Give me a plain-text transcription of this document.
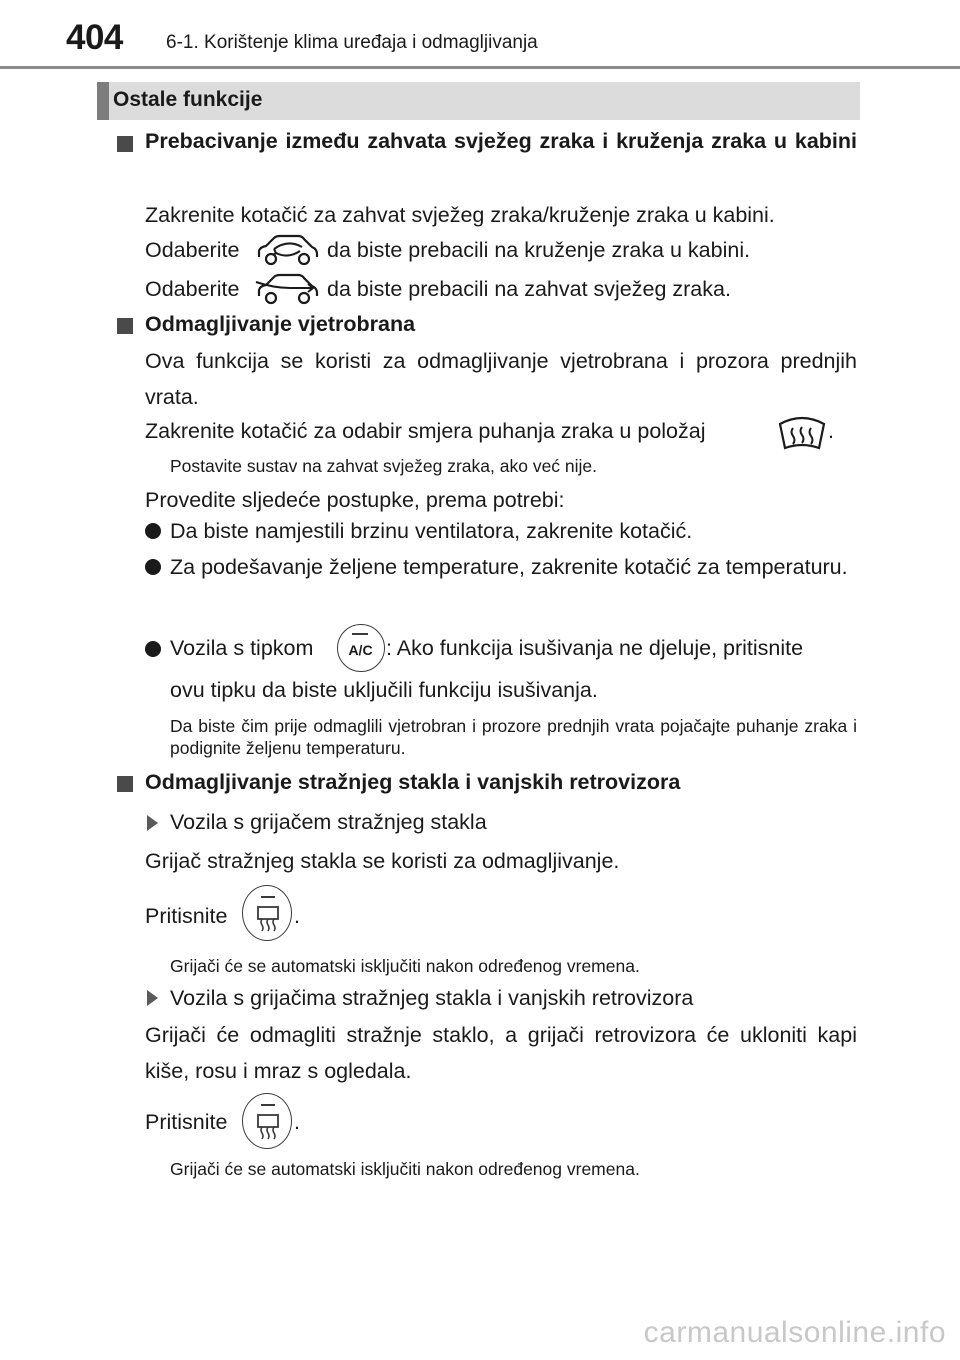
404 6-1. Korištenje klima uređaja i odmagljivanja
Ostale funkcije
Prebacivanje između zahvata svježeg zraka i kruženja zraka u kabini
Zakrenite kotačić za zahvat svježeg zraka/kruženje zraka u kabini.
Odaberite	da biste prebacili na kruženje zraka u kabini.
Odaberite	da biste prebacili na zahvat svježeg zraka.
Odmagljivanje vjetrobrana
Ova funkcija se koristi za odmagljivanje vjetrobrana i prozora prednjih vrata.
Zakrenite kotačić za odabir smjera puhanja zraka u položaj	.
Postavite sustav na zahvat svježeg zraka, ako već nije.
Provedite sljedeće postupke, prema potrebi:
Da biste namjestili brzinu ventilatora, zakrenite kotačić.
Za podešavanje željene temperature, zakrenite kotačić za temperaturu.
Vozila s tipkom	A/C : Ako funkcija isušivanja ne djeluje, pritisnite
ovu tipku da biste uključili funkciju isušivanja.
Da biste čim prije odmaglili vjetrobran i prozore prednjih vrata pojačajte puhanje zraka i podignite željenu temperaturu.
Odmagljivanje stražnjeg stakla i vanjskih retrovizora
Vozila s grijačem stražnjeg stakla
Grijač stražnjeg stakla se koristi za odmagljivanje.
Pritisnite	.
Grijači će se automatski isključiti nakon određenog vremena.
Vozila s grijačima stražnjeg stakla i vanjskih retrovizora
Grijači će odmagliti stražnje staklo, a grijači retrovizora će ukloniti kapi kiše, rosu i mraz s ogledala.
Pritisnite	.
Grijači će se automatski isključiti nakon određenog vremena.
carmanualsonline.info
